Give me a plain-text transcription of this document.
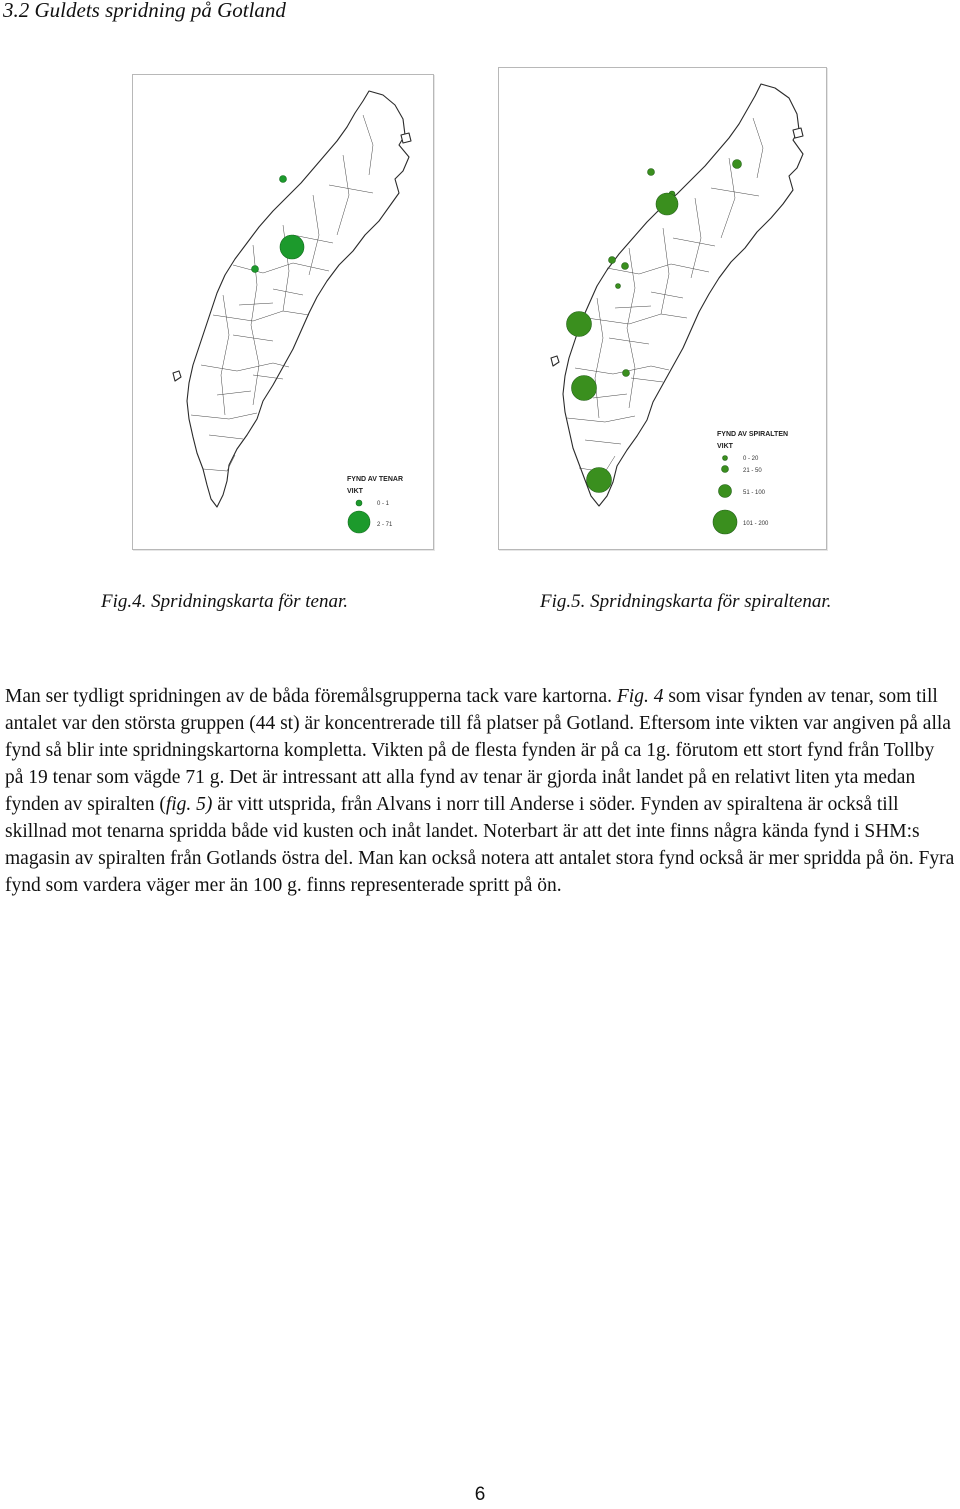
3.2 Guldets spridning på Gotland
FYND AV TENAR
VIKT
0 - 1
2 - 71
FYND AV SPIRALTEN
VIKT
0 - 20
21 - 50
51 - 100
101 - 200
Fig.4. Spridningskarta för tenar.	Fig.5. Spridningskarta för spiraltenar.

Man ser tydligt spridningen av de båda föremålsgrupperna tack vare kartorna. Fig. 4 som visar fynden av tenar, som till antalet var den största gruppen (44 st) är koncentrerade till få platser på Gotland. Eftersom inte vikten var angiven på alla fynd så blir inte spridningskartorna kompletta. Vikten på de flesta fynden är på ca 1g. förutom ett stort fynd från Tollby på 19 tenar som vägde 71 g. Det är intressant att alla fynd av tenar är gjorda inåt landet på en relativt liten yta medan fynden av spiralten (fig. 5) är vitt utsprida, från Alvans i norr till Anderse i söder. Fynden av spiraltena är också till skillnad mot tenarna spridda både vid kusten och inåt landet. Noterbart är att det inte finns några kända fynd i SHM:s magasin av spiralten från Gotlands östra del. Man kan också notera att antalet stora fynd också är mer spridda på ön. Fyra fynd som vardera väger mer än 100 g. finns representerade spritt på ön.

6
